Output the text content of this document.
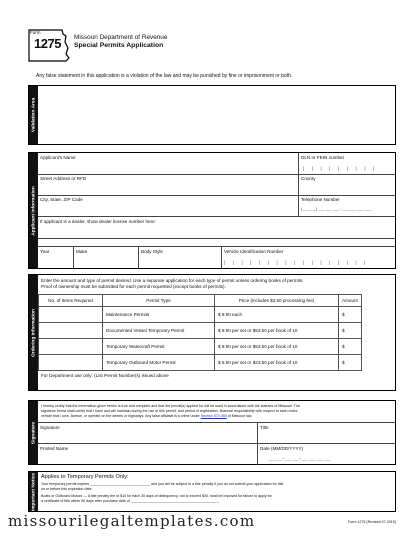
Form
1275 Missouri Department of Revenue
Special Permits Application
Any false statement in this application is a violation of the law and may be punished by fine or imprisonment or both.
Validation Area
Applicant Information
Applicant's Name	DLN or FEIN number
| | | | | | | | |
Street Address or RFD	County
City, State, ZIP Code	Telephone Number
(___ ___) ___ ___ ___ - ___ ___ ___ ___
If applicant is a dealer, show dealer license number here:
Year	Make	Body Style	Vehicle Identification Number
| | | | | | | | | | | | | | | | |
Ordering Information
Enter the amount and type of permit desired. Use a separate application for each type of permit unless ordering books of permits.
Proof of ownership must be submitted for each permit requested (except books of permits).
No. of Items Required	Permit Type	Price (includes $3.50 processing fee)	Amount
	Maintenance Permits	$ 8.50 each	$
	Documented Vessel Temporary Permit	$ 8.50 per set or $53.50 per book of 10	$
	Temporary Watercraft Permit	$ 8.50 per set or $53.50 per book of 10	$
	Temporary Outboard Motor Permit	$ 5.50 per set or $23.50 per book of 10	$
For Department use only: (List Permit Number(s) issued above
Signature
I hereby certify that the information given herein is true and complete and that the permit(s) applied for will be used in accordance with the statutes of Missouri. The
signature below shall certify that I have and will maintain during the use of this permit, and period of registration, financial responsibility with respect to each motor
vehicle that I own, license, or operate on the streets or highways. Any false affidavit is a crime under Section 570.080 of Missouri law.
Signature	Title
Printed Name	Date (MM/DD/YYYY)
___ ___ / ___ ___ / ___ ___ ___ ___
Important Notice Applies to Temporary Permits Only:
Your temporary permit expires ______________________________ and you will be subject to a title penalty if you do not submit your application for title
on or before this expiration date.
Boats or Outboard Motors — A title penalty fee of $10 for each 30 days of delinquency, not to exceed $30, shall be imposed for failure to apply for
a certificate of title within 60 days after purchase date of ____________________________________________.
Form 1275 (Revised 07-2015)
missourilegaltemplates.com
